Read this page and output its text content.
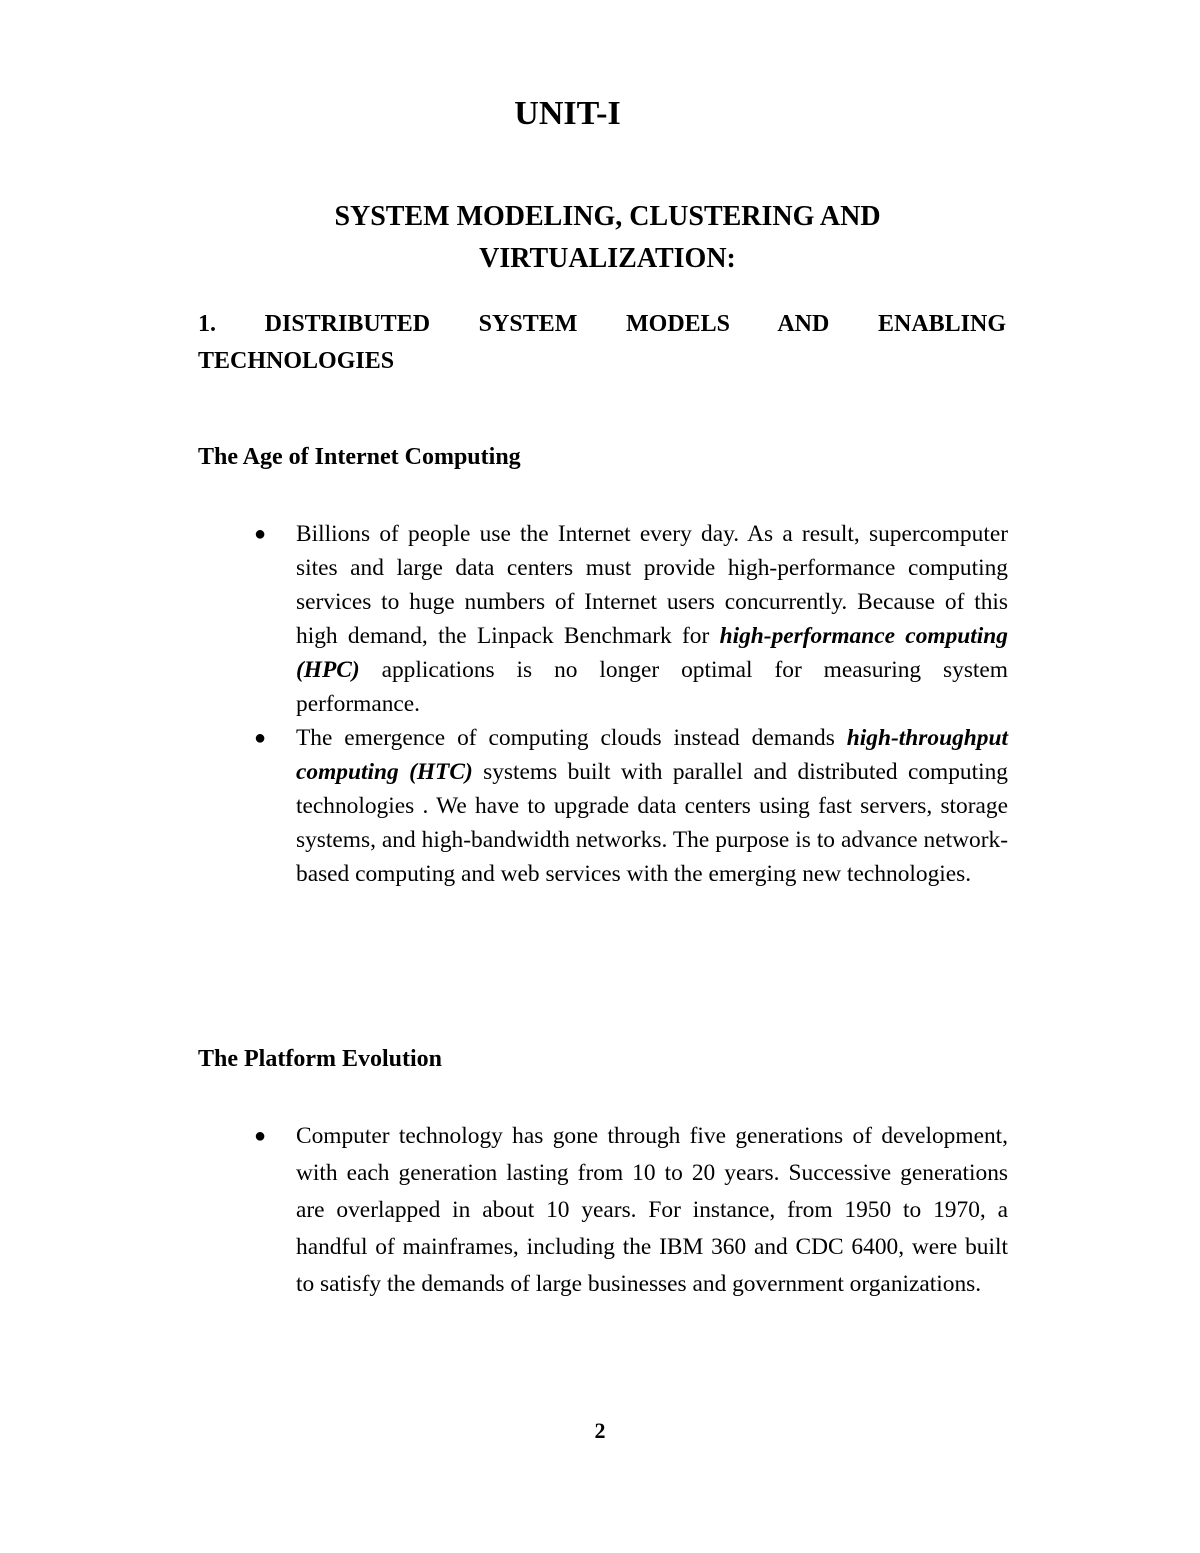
UNIT-I
SYSTEM MODELING, CLUSTERING AND VIRTUALIZATION:
1. DISTRIBUTED SYSTEM MODELS AND ENABLING
TECHNOLOGIES
The Age of Internet Computing
● Billions of people use the Internet every day. As a result, supercomputer sites and large data centers must provide high-performance computing services to huge numbers of Internet users concurrently. Because of this high demand, the Linpack Benchmark for high-performance computing (HPC) applications is no longer optimal for measuring system performance.
● The emergence of computing clouds instead demands high-throughput computing (HTC) systems built with parallel and distributed computing technologies . We have to upgrade data centers using fast servers, storage systems, and high-bandwidth networks. The purpose is to advance network-based computing and web services with the emerging new technologies.
The Platform Evolution
● Computer technology has gone through five generations of development, with each generation lasting from 10 to 20 years. Successive generations are overlapped in about 10 years. For instance, from 1950 to 1970, a handful of mainframes, including the IBM 360 and CDC 6400, were built to satisfy the demands of large businesses and government organizations.
2
